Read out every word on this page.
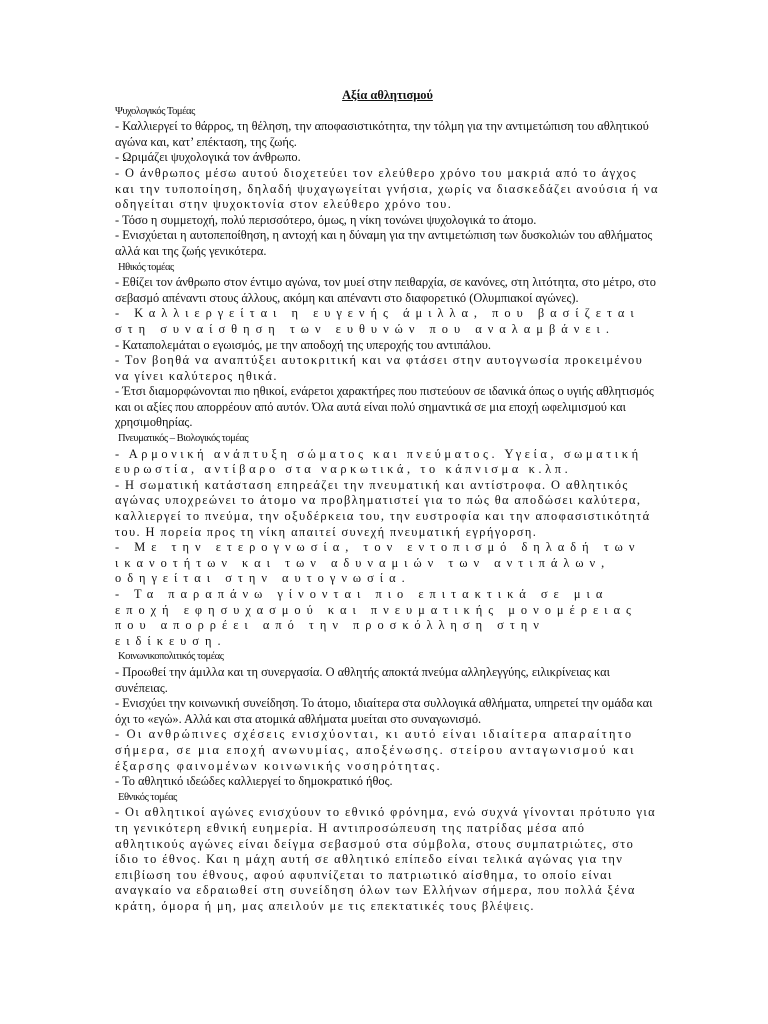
Αξία αθλητισμού

Ψυχολογικός Τομέας

- Καλλιεργεί το θάρρος, τη θέληση, την αποφασιστικότητα, την τόλμη για την αντιμετώπιση του αθλητικού αγώνα και, κατ’ επέκταση, της ζωής.

- Ωριμάζει ψυχολογικά τον άνθρωπο.

- Ο άνθρωπος μέσω αυτού διοχετεύει τον ελεύθερο χρόνο του μακριά από το άγχος και την τυποποίηση, δηλαδή ψυχαγωγείται γνήσια, χωρίς να διασκεδάζει ανούσια ή να οδηγείται στην ψυχοκτονία στον ελεύθερο χρόνο του.

- Τόσο η συμμετοχή, πολύ περισσότερο, όμως, η νίκη τονώνει ψυχολογικά το άτομο.

- Ενισχύεται η αυτοπεποίθηση, η αντοχή και η δύναμη για την αντιμετώπιση των δυσκολιών του αθλήματος αλλά και της ζωής γενικότερα.

Ηθικός τομέας

- Εθίζει τον άνθρωπο στον έντιμο αγώνα, τον μυεί στην πειθαρχία, σε κανόνες, στη λιτότητα, στο μέτρο, στο σεβασμό απέναντι στους άλλους, ακόμη και απέναντι στο διαφορετικό (Ολυμπιακοί αγώνες).

- Καλλιεργείται η ευγενής άμιλλα, που βασίζεται στη συναίσθηση των ευθυνών που αναλαμβάνει.

- Καταπολεμάται ο εγωισμός, με την αποδοχή της υπεροχής του αντιπάλου.

- Τον βοηθά να αναπτύξει αυτοκριτική και να φτάσει στην αυτογνωσία προκειμένου να γίνει καλύτερος ηθικά.

- Έτσι διαμορφώνονται πιο ηθικοί, ενάρετοι χαρακτήρες που πιστεύουν σε ιδανικά όπως ο υγιής αθλητισμός και οι αξίες που απορρέουν από αυτόν. Όλα αυτά είναι πολύ σημαντικά σε μια εποχή ωφελιμισμού και χρησιμοθηρίας.

Πνευματικός – Βιολογικός τομέας

- Αρμονική ανάπτυξη σώματος και πνεύματος. Υγεία, σωματική ευρωστία, αντίβαρο στα ναρκωτικά, το κάπνισμα κ.λπ.

- Η σωματική κατάσταση επηρεάζει την πνευματική και αντίστροφα. Ο αθλητικός αγώνας υποχρεώνει το άτομο να προβληματιστεί για το πώς θα αποδώσει καλύτερα, καλλιεργεί το πνεύμα, την οξυδέρκεια του, την ευστροφία και την αποφασιστικότητά του. Η πορεία προς τη νίκη απαιτεί συνεχή πνευματική εγρήγορση.

- Με την ετερογνωσία, τον εντοπισμό δηλαδή των ικανοτήτων και των αδυναμιών των αντιπάλων, οδηγείται στην αυτογνωσία.

- Τα παραπάνω γίνονται πιο επιτακτικά σε μια εποχή εφησυχασμού και πνευματικής μονομέρειας που απορρέει από την προσκόλληση στην ειδίκευση.

Κοινωνικοπολιτικός τομέας

- Προωθεί την άμιλλα και τη συνεργασία. Ο αθλητής αποκτά πνεύμα αλληλεγγύης, ειλικρίνειας και συνέπειας.

- Ενισχύει την κοινωνική συνείδηση. Το άτομο, ιδιαίτερα στα συλλογικά αθλήματα, υπηρετεί την ομάδα και όχι το «εγώ». Αλλά και στα ατομικά αθλήματα μυείται στο συναγωνισμό.

- Οι ανθρώπινες σχέσεις ενισχύονται, κι αυτό είναι ιδιαίτερα απαραίτητο σήμερα, σε μια εποχή ανωνυμίας, αποξένωσης. στείρου ανταγωνισμού και έξαρσης φαινομένων κοινωνικής νοσηρότητας.

- Το αθλητικό ιδεώδες καλλιεργεί το δημοκρατικό ήθος.

Εθνικός τομέας

- Οι αθλητικοί αγώνες ενισχύουν το εθνικό φρόνημα, ενώ συχνά γίνονται πρότυπο για τη γενικότερη εθνική ευημερία. Η αντιπροσώπευση της πατρίδας μέσα από αθλητικούς αγώνες είναι δείγμα σεβασμού στα σύμβολα, στους συμπατριώτες, στο ίδιο το έθνος. Και η μάχη αυτή σε αθλητικό επίπεδο είναι τελικά αγώνας για την επιβίωση του έθνους, αφού αφυπνίζεται το πατριωτικό αίσθημα, το οποίο είναι αναγκαίο να εδραιωθεί στη συνείδηση όλων των Ελλήνων σήμερα, που πολλά ξένα κράτη, όμορα ή μη, μας απειλούν με τις επεκτατικές τους βλέψεις.
